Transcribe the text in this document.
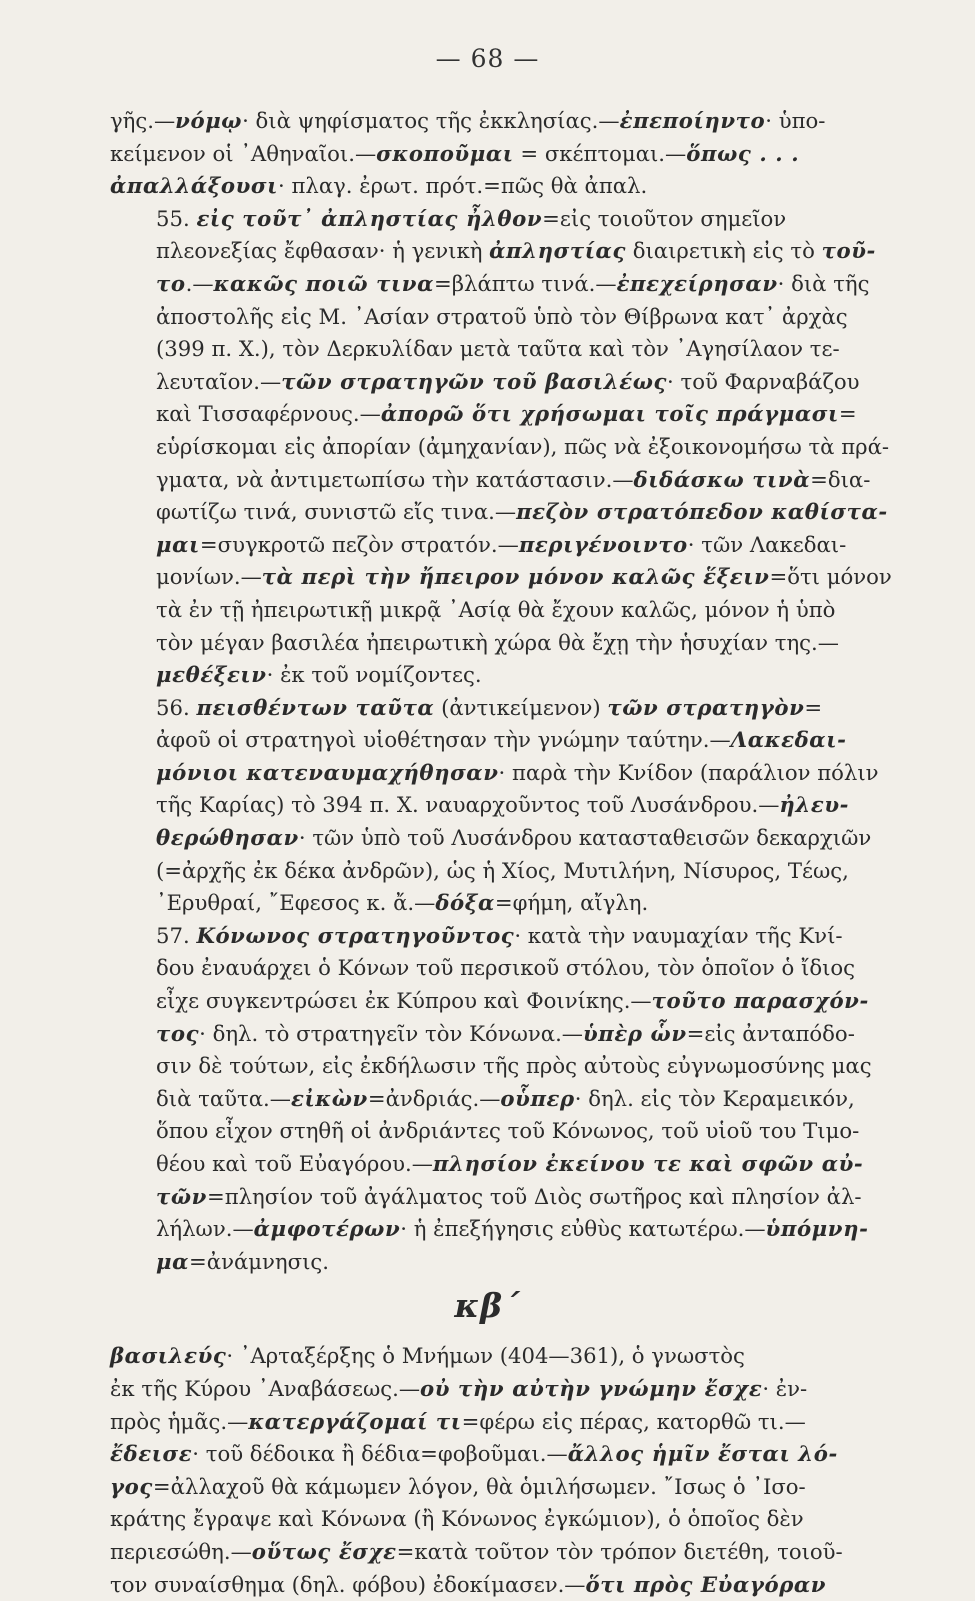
— 68 —

γῆς.—νόμῳ· διὰ ψηφίσματος τῆς ἐκκλησίας.—ἐπεποίηντο· ὑπο-
κείμενον οἱ ᾿Αθηναῖοι.—σκοποῦμαι = σκέπτομαι.—ὅπως . . .
ἀπαλλάξουσι· πλαγ. ἐρωτ. πρότ.=πῶς θὰ ἀπαλ.

55. εἰς τοῦτ᾿ ἀπληστίας ἦλθον=εἰς τοιοῦτον σημεῖον
πλεονεξίας ἔφθασαν· ἡ γενικὴ ἀπληστίας διαιρετικὴ εἰς τὸ τοῦ-
το.—κακῶς ποιῶ τινα=βλάπτω τινά.—ἐπεχείρησαν· διὰ τῆς
ἀποστολῆς εἰς Μ. ᾿Ασίαν στρατοῦ ὑπὸ τὸν Θίβρωνα κατ᾿ ἀρχὰς
(399 π. Χ.), τὸν Δερκυλίδαν μετὰ ταῦτα καὶ τὸν ᾿Αγησίλαον τε-
λευταῖον.—τῶν στρατηγῶν τοῦ βασιλέως· τοῦ Φαρναβάζου
καὶ Τισσαφέρνους.—ἀπορῶ ὅτι χρήσωμαι τοῖς πράγμασι=
εὑρίσκομαι εἰς ἀπορίαν (ἀμηχανίαν), πῶς νὰ ἐξοικονομήσω τὰ πρά-
γματα, νὰ ἀντιμετωπίσω τὴν κατάστασιν.—διδάσκω τινὰ=δια-
φωτίζω τινά, συνιστῶ εἴς τινα.—πεζὸν στρατόπεδον καθίστα-
μαι=συγκροτῶ πεζὸν στρατόν.—περιγένοιντο· τῶν Λακεδαι-
μονίων.—τὰ περὶ τὴν ἤπειρον μόνον καλῶς ἕξειν=ὅτι μόνον
τὰ ἐν τῇ ἠπειρωτικῇ μικρᾷ ᾿Ασίᾳ θὰ ἔχουν καλῶς, μόνον ἡ ὑπὸ
τὸν μέγαν βασιλέα ἠπειρωτικὴ χώρα θὰ ἔχῃ τὴν ἡσυχίαν της.—
μεθέξειν· ἐκ τοῦ νομίζοντες.

56. πεισθέντων ταῦτα (ἀντικείμενον) τῶν στρατηγὸν=
ἀφοῦ οἱ στρατηγοὶ υἱοθέτησαν τὴν γνώμην ταύτην.—Λακεδαι-
μόνιοι κατεναυμαχήθησαν· παρὰ τὴν Κνίδον (παράλιον πόλιν
τῆς Καρίας) τὸ 394 π. Χ. ναυαρχοῦντος τοῦ Λυσάνδρου.—ἠλευ-
θερώθησαν· τῶν ὑπὸ τοῦ Λυσάνδρου κατασταθεισῶν δεκαρχιῶν
(=ἀρχῆς ἐκ δέκα ἀνδρῶν), ὡς ἡ Χίος, Μυτιλήνη, Νίσυρος, Τέως,
᾿Ερυθραί, ῎Εφεσος κ. ἄ.—δόξα=φήμη, αἴγλη.

57. Κόνωνος στρατηγοῦντος· κατὰ τὴν ναυμαχίαν τῆς Κνί-
δου ἐναυάρχει ὁ Κόνων τοῦ περσικοῦ στόλου, τὸν ὁποῖον ὁ ἴδιος
εἶχε συγκεντρώσει ἐκ Κύπρου καὶ Φοινίκης.—τοῦτο παρασχόν-
τος· δηλ. τὸ στρατηγεῖν τὸν Κόνωνα.—ὑπὲρ ὧν=εἰς ἀνταπόδο-
σιν δὲ τούτων, εἰς ἐκδήλωσιν τῆς πρὸς αὐτοὺς εὐγνωμοσύνης μας
διὰ ταῦτα.—εἰκὼν=ἀνδριάς.—οὗπερ· δηλ. εἰς τὸν Κεραμεικόν,
ὅπου εἶχον στηθῆ οἱ ἀνδριάντες τοῦ Κόνωνος, τοῦ υἱοῦ του Τιμο-
θέου καὶ τοῦ Εὐαγόρου.—πλησίον ἐκείνου τε καὶ σφῶν αὐ-
τῶν=πλησίον τοῦ ἀγάλματος τοῦ Διὸς σωτῆρος καὶ πλησίον ἀλ-
λήλων.—ἀμφοτέρων· ἡ ἐπεξήγησις εὐθὺς κατωτέρω.—ὑπόμνη-
μα=ἀνάμνησις.

κβ΄

βασιλεύς· ᾿Αρταξέρξης ὁ Μνήμων (404—361), ὁ γνωστὸς
ἐκ τῆς Κύρου ᾿Αναβάσεως.—οὐ τὴν αὐτὴν γνώμην ἔσχε· ἐν-
πρὸς ἡμᾶς.—κατεργάζομαί τι=φέρω εἰς πέρας, κατορθῶ τι.—
ἔδεισε· τοῦ δέδοικα ἢ δέδια=φοβοῦμαι.—ἄλλος ἡμῖν ἔσται λό-
γος=ἀλλαχοῦ θὰ κάμωμεν λόγον, θὰ ὁμιλήσωμεν. ῎Ισως ὁ ᾿Ισο-
κράτης ἔγραψε καὶ Κόνωνα (ἢ Κόνωνος ἐγκώμιον), ὁ ὁποῖος δὲν
περιεσώθη.—οὕτως ἔσχε=κατὰ τοῦτον τὸν τρόπον διετέθη, τοιοῦ-
τον συναίσθημα (δηλ. φόβου) ἐδοκίμασεν.—ὅτι πρὸς Εὐαγόραν
